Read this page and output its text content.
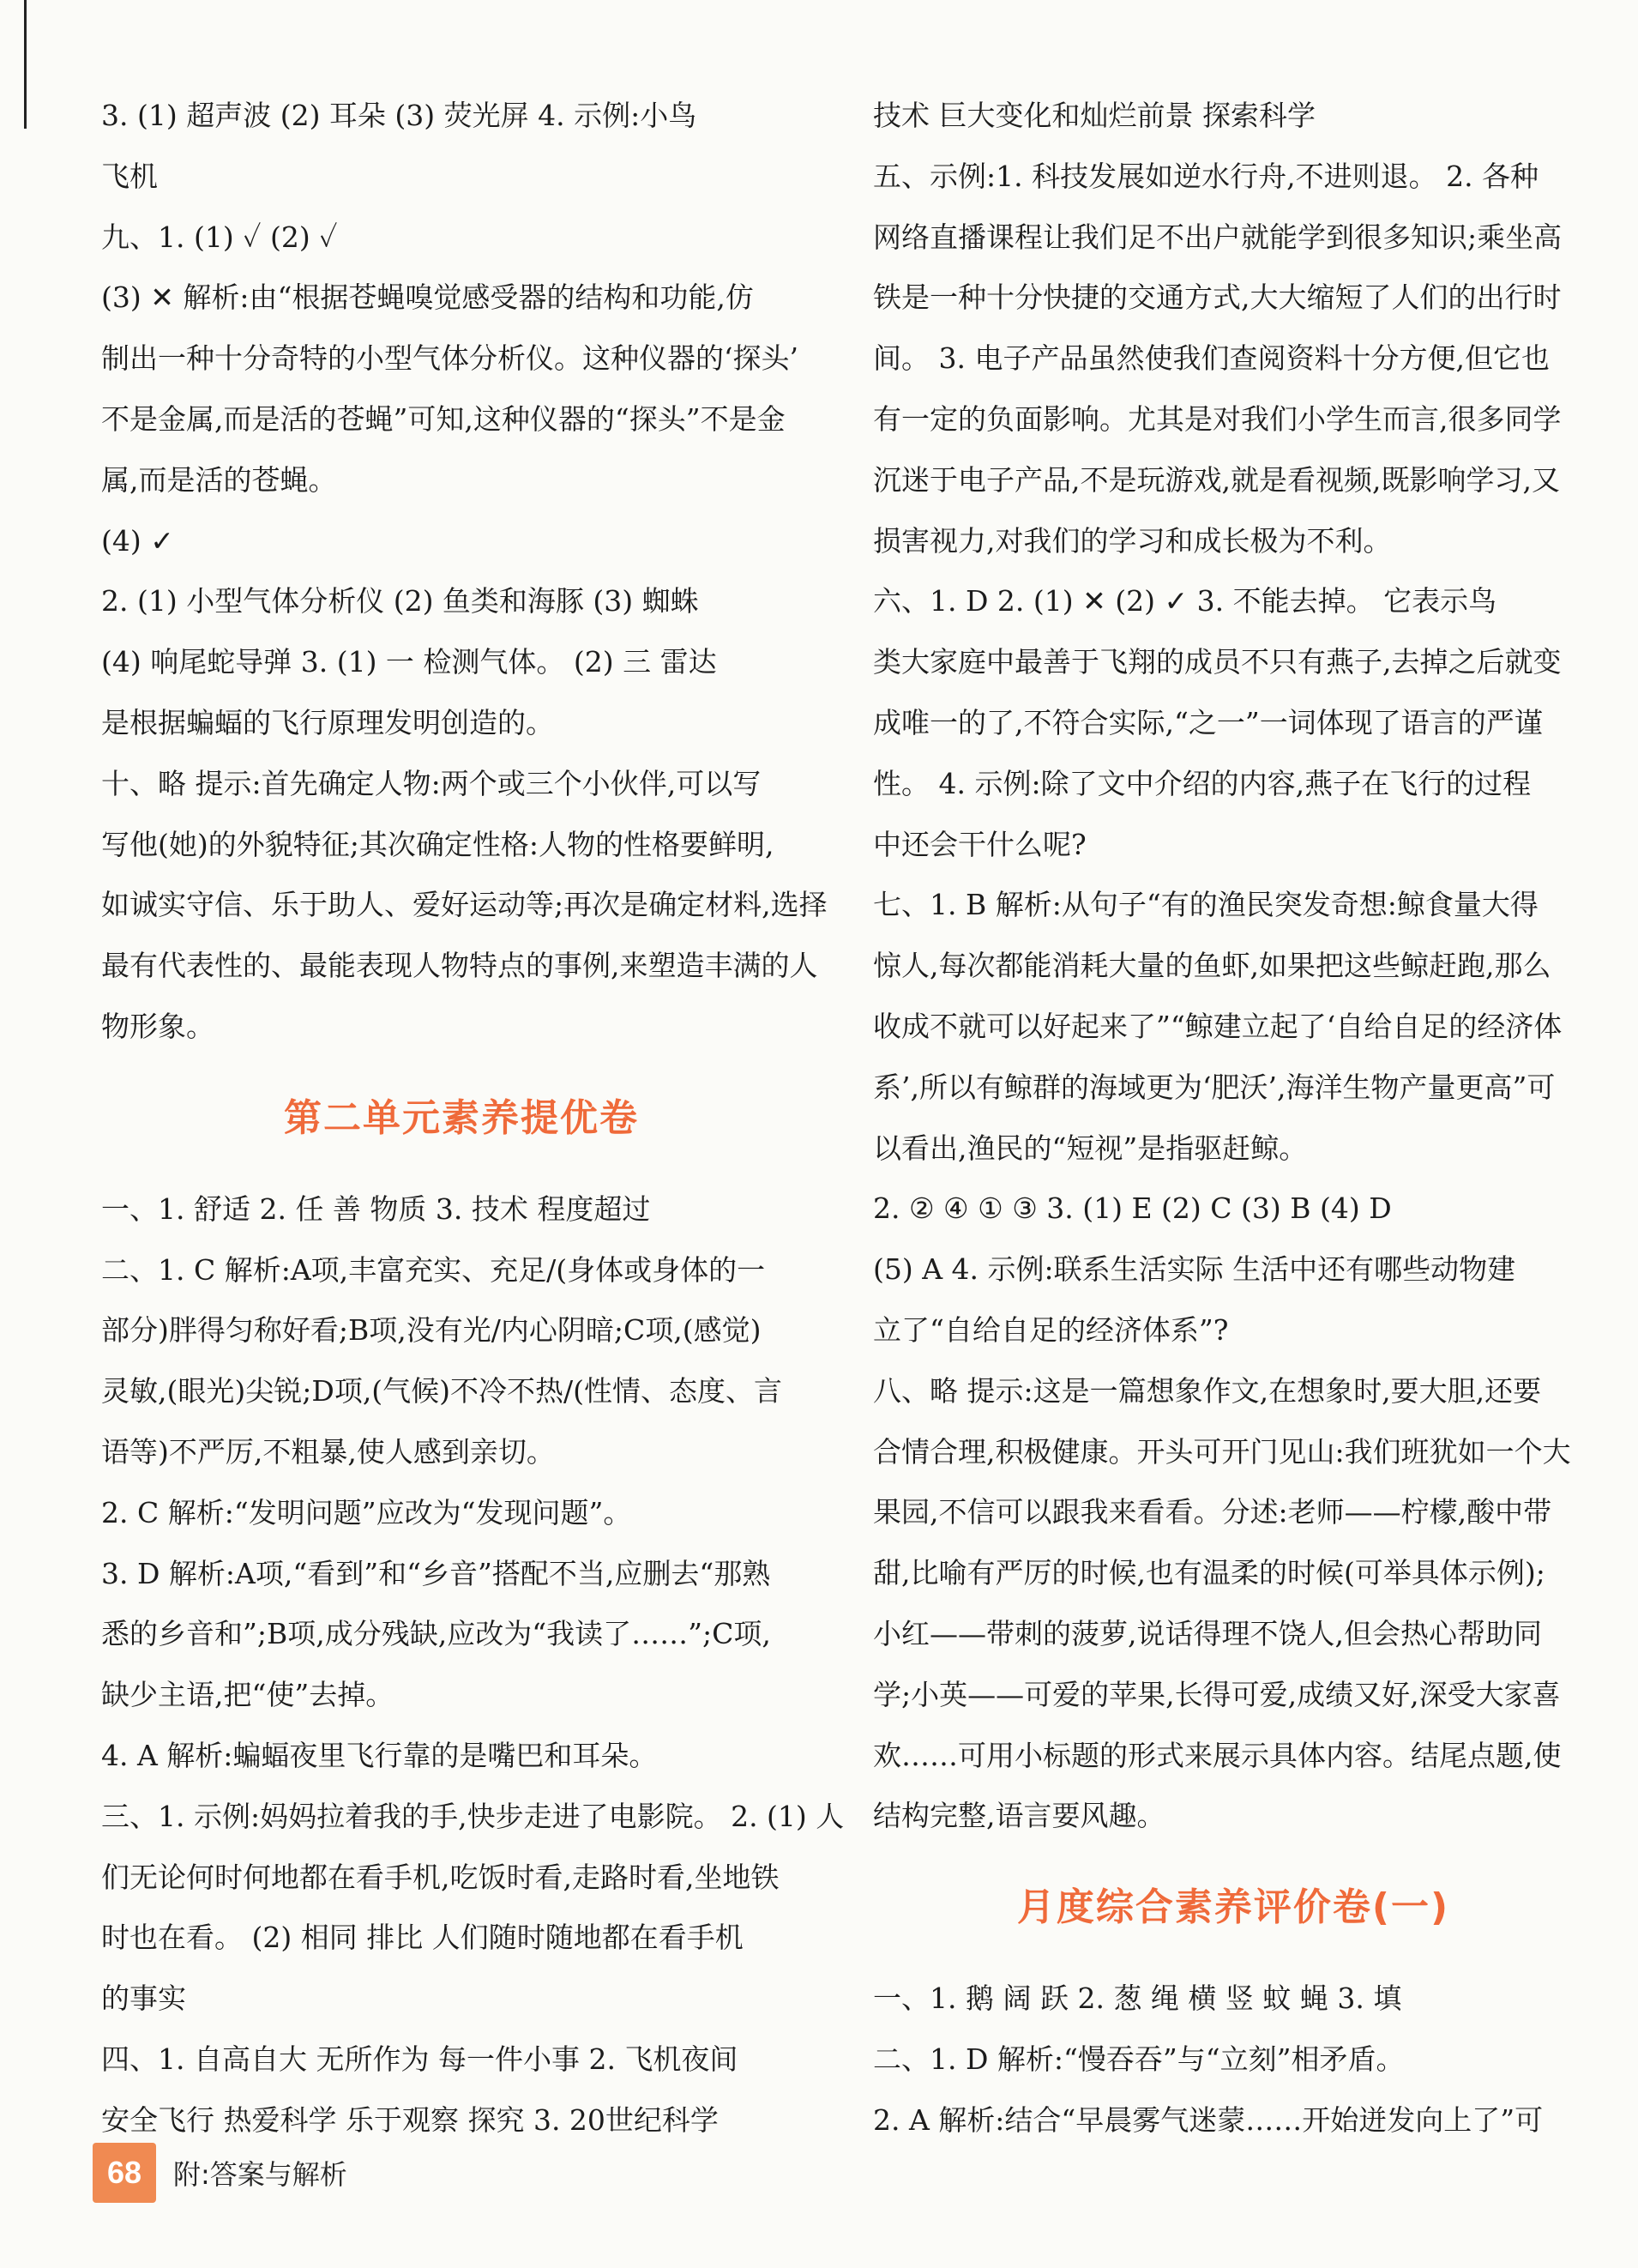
3. (1) 超声波 (2) 耳朵 (3) 荧光屏 4. 示例:小鸟
飞机
九、1. (1) ✓ (2) ✓
(3) ✕ 解析:由“根据苍蝇嗅觉感受器的结构和功能,仿
制出一种十分奇特的小型气体分析仪。这种仪器的‘探头’
不是金属,而是活的苍蝇”可知,这种仪器的“探头”不是金
属,而是活的苍蝇。
(4) ✓
2. (1) 小型气体分析仪 (2) 鱼类和海豚 (3) 蜘蛛
(4) 响尾蛇导弹 3. (1) 一 检测气体。 (2) 三 雷达
是根据蝙蝠的飞行原理发明创造的。
十、略 提示:首先确定人物:两个或三个小伙伴,可以写
写他(她)的外貌特征;其次确定性格:人物的性格要鲜明,
如诚实守信、乐于助人、爱好运动等;再次是确定材料,选择
最有代表性的、最能表现人物特点的事例,来塑造丰满的人
物形象。
第二单元素养提优卷
一、1. 舒适 2. 任 善 物质 3. 技术 程度超过
二、1. C 解析:A项,丰富充实、充足/(身体或身体的一
部分)胖得匀称好看;B项,没有光/内心阴暗;C项,(感觉)
灵敏,(眼光)尖锐;D项,(气候)不冷不热/(性情、态度、言
语等)不严厉,不粗暴,使人感到亲切。
2. C 解析:“发明问题”应改为“发现问题”。
3. D 解析:A项,“看到”和“乡音”搭配不当,应删去“那熟
悉的乡音和”;B项,成分残缺,应改为“我读了……”;C项,
缺少主语,把“使”去掉。
4. A 解析:蝙蝠夜里飞行靠的是嘴巴和耳朵。
三、1. 示例:妈妈拉着我的手,快步走进了电影院。 2. (1) 人
们无论何时何地都在看手机,吃饭时看,走路时看,坐地铁
时也在看。 (2) 相同 排比 人们随时随地都在看手机
的事实
四、1. 自高自大 无所作为 每一件小事 2. 飞机夜间
安全飞行 热爱科学 乐于观察 探究 3. 20世纪科学
技术 巨大变化和灿烂前景 探索科学
五、示例:1. 科技发展如逆水行舟,不进则退。 2. 各种
网络直播课程让我们足不出户就能学到很多知识;乘坐高
铁是一种十分快捷的交通方式,大大缩短了人们的出行时
间。 3. 电子产品虽然使我们查阅资料十分方便,但它也
有一定的负面影响。尤其是对我们小学生而言,很多同学
沉迷于电子产品,不是玩游戏,就是看视频,既影响学习,又
损害视力,对我们的学习和成长极为不利。
六、1. D 2. (1) ✕ (2) ✓ 3. 不能去掉。 它表示鸟
类大家庭中最善于飞翔的成员不只有燕子,去掉之后就变
成唯一的了,不符合实际,“之一”一词体现了语言的严谨
性。 4. 示例:除了文中介绍的内容,燕子在飞行的过程
中还会干什么呢?
七、1. B 解析:从句子“有的渔民突发奇想:鲸食量大得
惊人,每次都能消耗大量的鱼虾,如果把这些鲸赶跑,那么
收成不就可以好起来了”“鲸建立起了‘自给自足的经济体
系’,所以有鲸群的海域更为‘肥沃’,海洋生物产量更高”可
以看出,渔民的“短视”是指驱赶鲸。
2. ② ④ ① ③ 3. (1) E (2) C (3) B (4) D
(5) A 4. 示例:联系生活实际 生活中还有哪些动物建
立了“自给自足的经济体系”?
八、略 提示:这是一篇想象作文,在想象时,要大胆,还要
合情合理,积极健康。开头可开门见山:我们班犹如一个大
果园,不信可以跟我来看看。分述:老师——柠檬,酸中带
甜,比喻有严厉的时候,也有温柔的时候(可举具体示例);
小红——带刺的菠萝,说话得理不饶人,但会热心帮助同
学;小英——可爱的苹果,长得可爱,成绩又好,深受大家喜
欢……可用小标题的形式来展示具体内容。结尾点题,使
结构完整,语言要风趣。
月度综合素养评价卷(一)
一、1. 鹅 阔 跃 2. 葱 绳 横 竖 蚊 蝇 3. 填
二、1. D 解析:“慢吞吞”与“立刻”相矛盾。
2. A 解析:结合“早晨雾气迷蒙……开始迸发向上了”可
68	附:答案与解析
